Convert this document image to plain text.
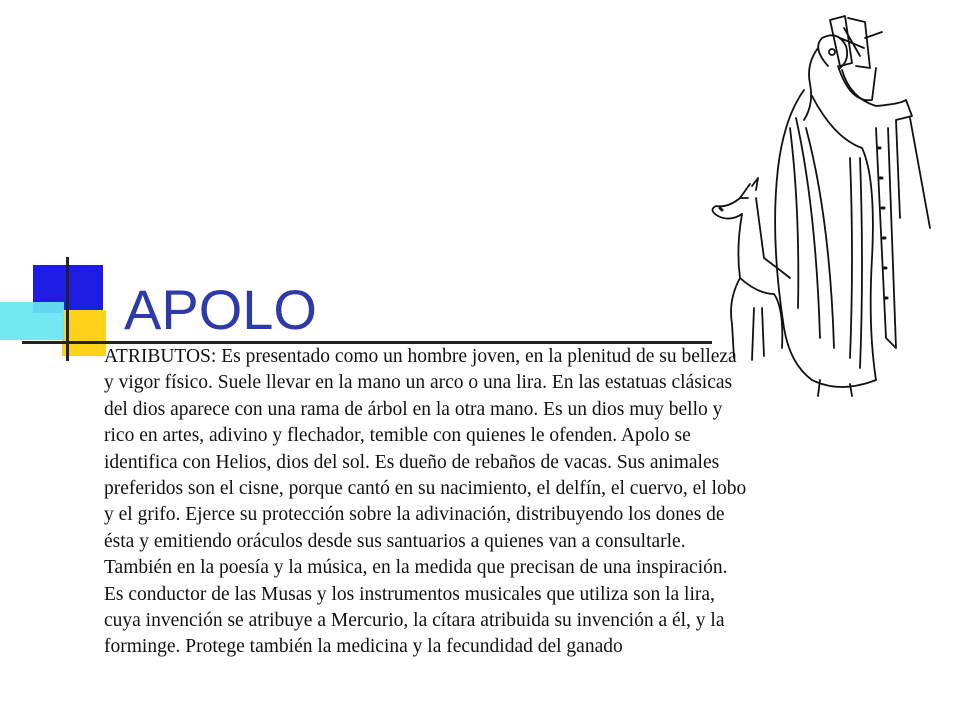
APOLO
ATRIBUTOS: Es presentado como un hombre joven, en la plenitud de su belleza
y vigor físico. Suele llevar en la mano un arco o una lira. En las estatuas clásicas
del dios aparece con una rama de árbol en la otra mano. Es un dios muy bello y
rico en artes, adivino y flechador, temible con quienes le ofenden. Apolo se
identifica con Helios, dios del sol. Es dueño de rebaños de vacas. Sus animales
preferidos son el cisne, porque cantó en su nacimiento, el delfín, el cuervo, el lobo
y el grifo. Ejerce su protección sobre la adivinación, distribuyendo los dones de
ésta y emitiendo oráculos desde sus santuarios a quienes van a consultarle.
También en la poesía y la música, en la medida que precisan de una inspiración.
Es conductor de las Musas y los instrumentos musicales que utiliza son la lira,
cuya invención se atribuye a Mercurio, la cítara atribuida su invención a él, y la
forminge. Protege también la medicina y la fecundidad del ganado
